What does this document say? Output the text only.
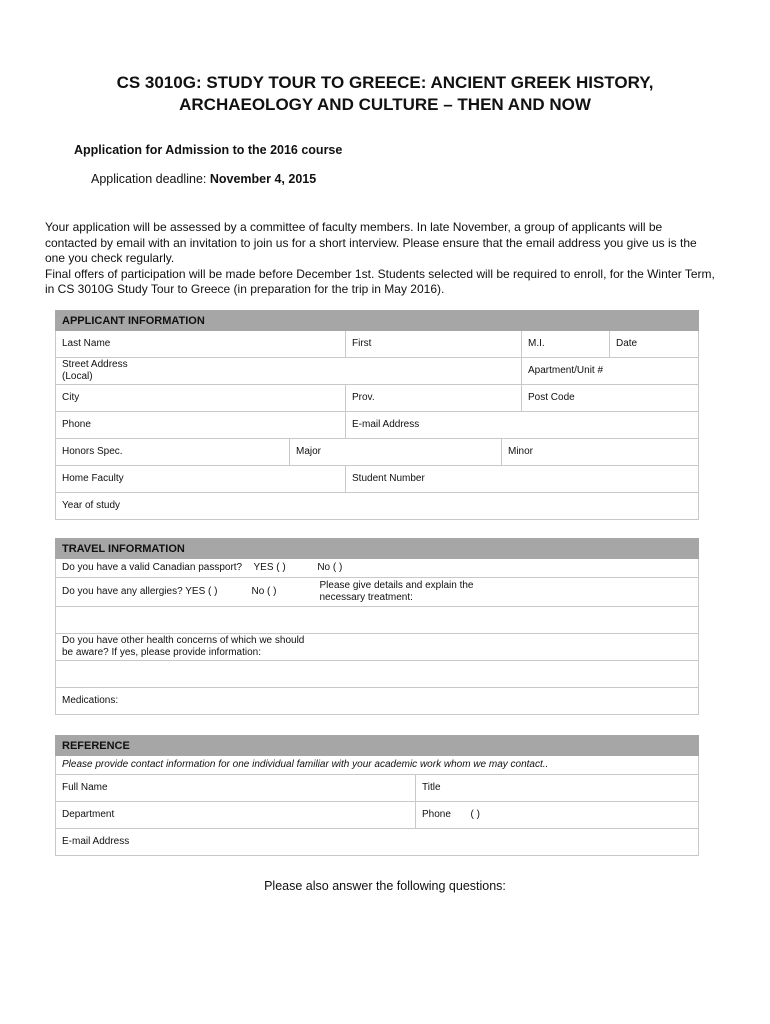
CS 3010G: STUDY TOUR TO GREECE: ANCIENT GREEK HISTORY,
ARCHAEOLOGY AND CULTURE – THEN AND NOW
Application for Admission to the 2016 course
Application deadline: November 4, 2015
Your application will be assessed by a committee of faculty members. In late November, a group of applicants will be contacted by email with an invitation to join us for a short interview. Please ensure that the email address you give us is the one you check regularly.
Final offers of participation will be made before December 1st. Students selected will be required to enroll, for the Winter Term, in CS 3010G Study Tour to Greece (in preparation for the trip in May 2016).
APPLICANT INFORMATION					
Last Name		First		M.I.	Date

Street Address
(Local)				Apartment/Unit #	
City		Prov.		Post Code	
Phone		E-mail Address			
Honors Spec.	Major		Minor		
Home Faculty		Student Number			
Year of study					
TRAVEL INFORMATION
Do you have a valid Canadian passport? YES ( )	No ( )
Do you have any allergies? YES ( )	No ( )	
Please give details and explain the
necessary treatment:

Do you have other health concerns of which we should
be aware? If yes, please provide information:

Medications:
REFERENCE	
Please provide contact information for one individual familiar with your academic work whom we may contact..	
Full Name	Title
Department	Phone ( )
E-mail Address	
Please also answer the following questions:
